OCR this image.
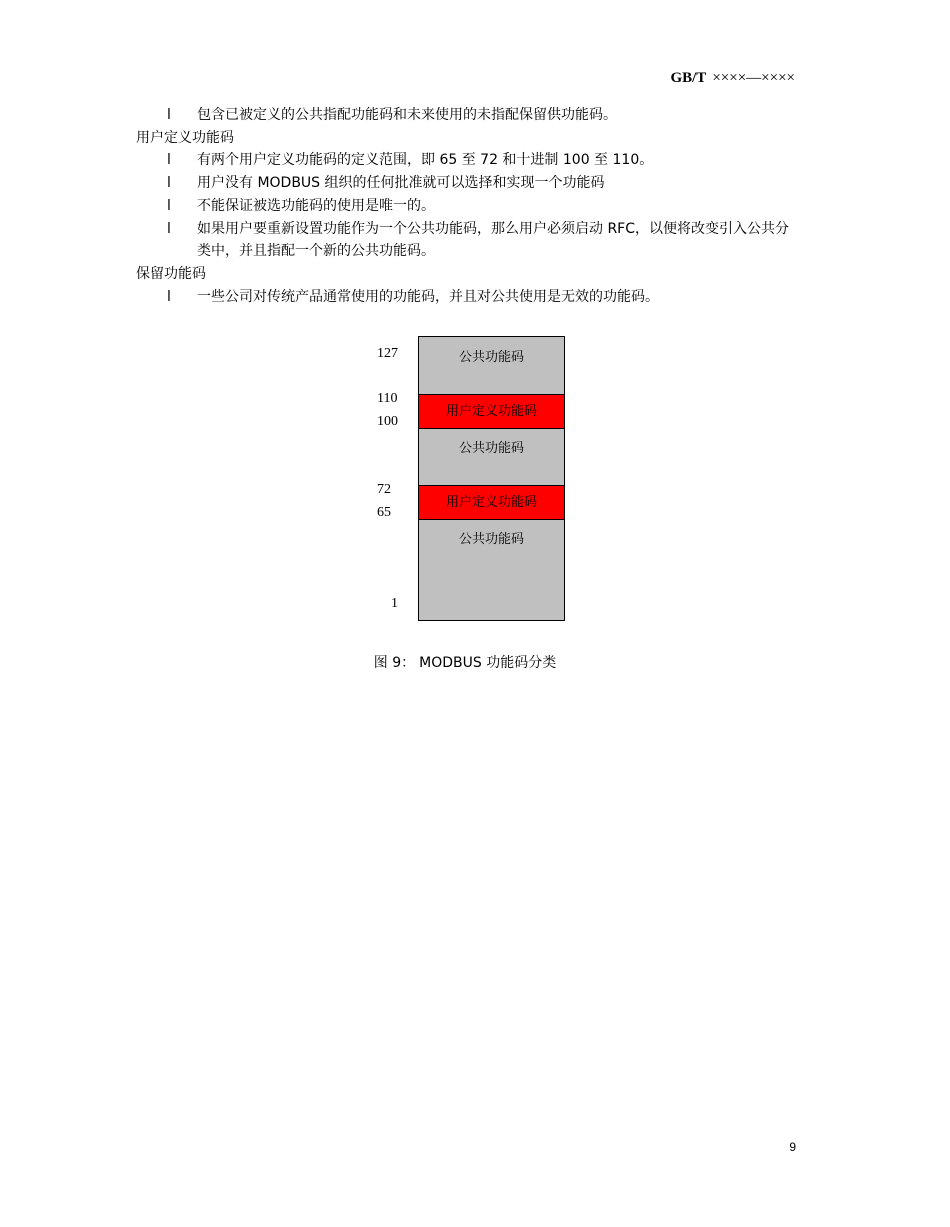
GB/T ××××—××××
l	包含已被定义的公共指配功能码和未来使用的未指配保留供功能码。
用户定义功能码
l	有两个用户定义功能码的定义范围，即 65 至 72 和十进制 100 至 110。
l	用户没有 MODBUS 组织的任何批准就可以选择和实现一个功能码
l	不能保证被选功能码的使用是唯一的。
l	如果用户要重新设置功能作为一个公共功能码，那么用户必须启动 RFC，以便将改变引入公共分类中，并且指配一个新的公共功能码。
保留功能码
l	一些公司对传统产品通常使用的功能码，并且对公共使用是无效的功能码。
127
110
100
72
65
1
公共功能码
用户定义功能码
公共功能码
用户定义功能码
公共功能码
图 9： MODBUS 功能码分类
9
